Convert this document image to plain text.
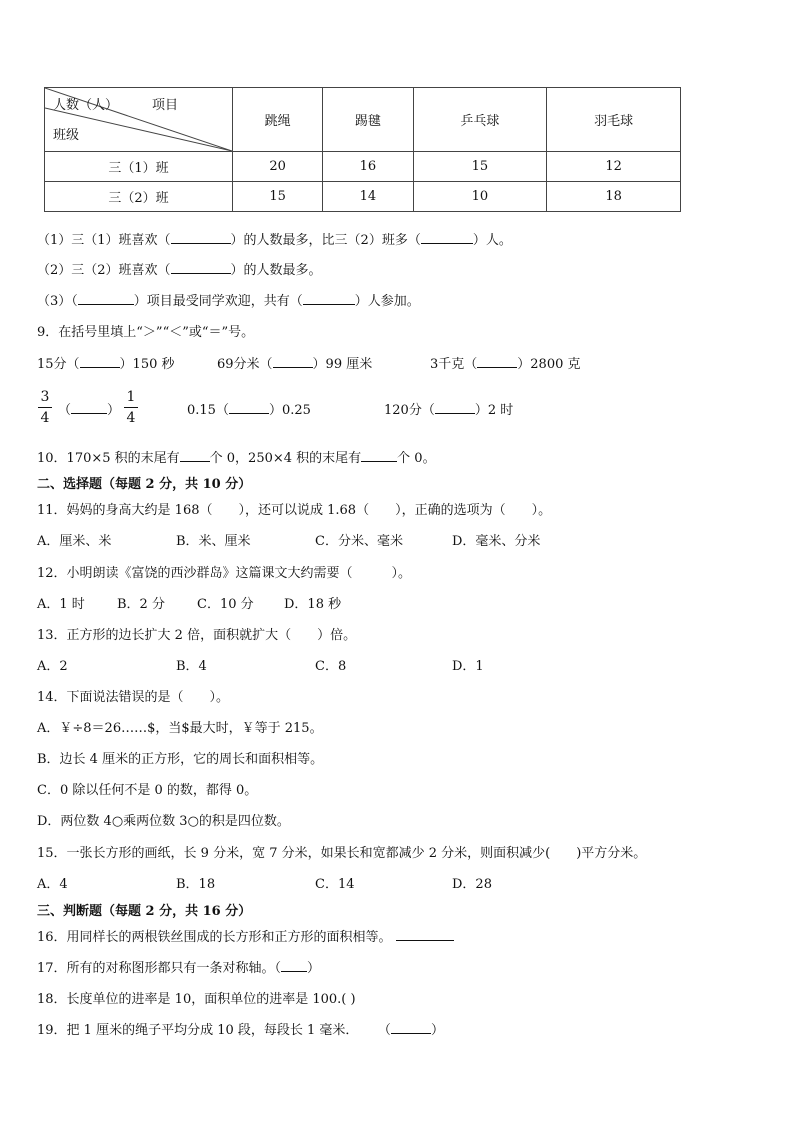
人数（人） 项目
班级	跳绳	踢毽	乒乓球	羽毛球
三（1）班	20	16	15	12
三（2）班	15	14	10	18
（1）三（1）班喜欢（	）的人数最多，比三（2）班多（	）人。
（2）三（2）班喜欢（	）的人数最多。
（3）（	）项目最受同学欢迎，共有（	）人参加。
9．在括号里填上“＞”“＜”或“＝”号。
15分（	）150 秒	69分米（	）99 厘米	3千克（	）2800 克
$\frac{3}{4}$ （	） $\frac{1}{4}$	0.15（	）0.25	120分（	）2 时
10．170×5 积的末尾有 个 0，250×4 积的末尾有	个 0。
二、选择题（每题 2 分，共 10 分）
11．妈妈的身高大约是 168（　　），还可以说成 1.68（　　），正确的选项为（　　）。
A．厘米、米	B．米、厘米	C．分米、毫米	D．毫米、分米
12．小明朗读《富饶的西沙群岛》这篇课文大约需要（　　　）。
A．1 时 B．2 分 C．10 分 D．18 秒
13．正方形的边长扩大 2 倍，面积就扩大（　　）倍。
A．2	B．4	C．8	D．1
14．下面说法错误的是（　　）。
A．￥÷8＝26……$，当$最大时，￥等于 215。
B．边长 4 厘米的正方形，它的周长和面积相等。
C．0 除以任何不是 0 的数，都得 0。
D．两位数 4○乘两位数 3○的积是四位数。
15．一张长方形的画纸，长 9 分米，宽 7 分米，如果长和宽都减少 2 分米，则面积减少(　　)平方分米。
A．4	B．18	C．14	D．28
三、判断题（每题 2 分，共 16 分）
16．用同样长的两根铁丝围成的长方形和正方形的面积相等。
17．所有的对称图形都只有一条对称轴。（ ）
18．长度单位的进率是 10，面积单位的进率是 100.( )
19．把 1 厘米的绳子平均分成 10 段，每段长 1 毫米． （	）
